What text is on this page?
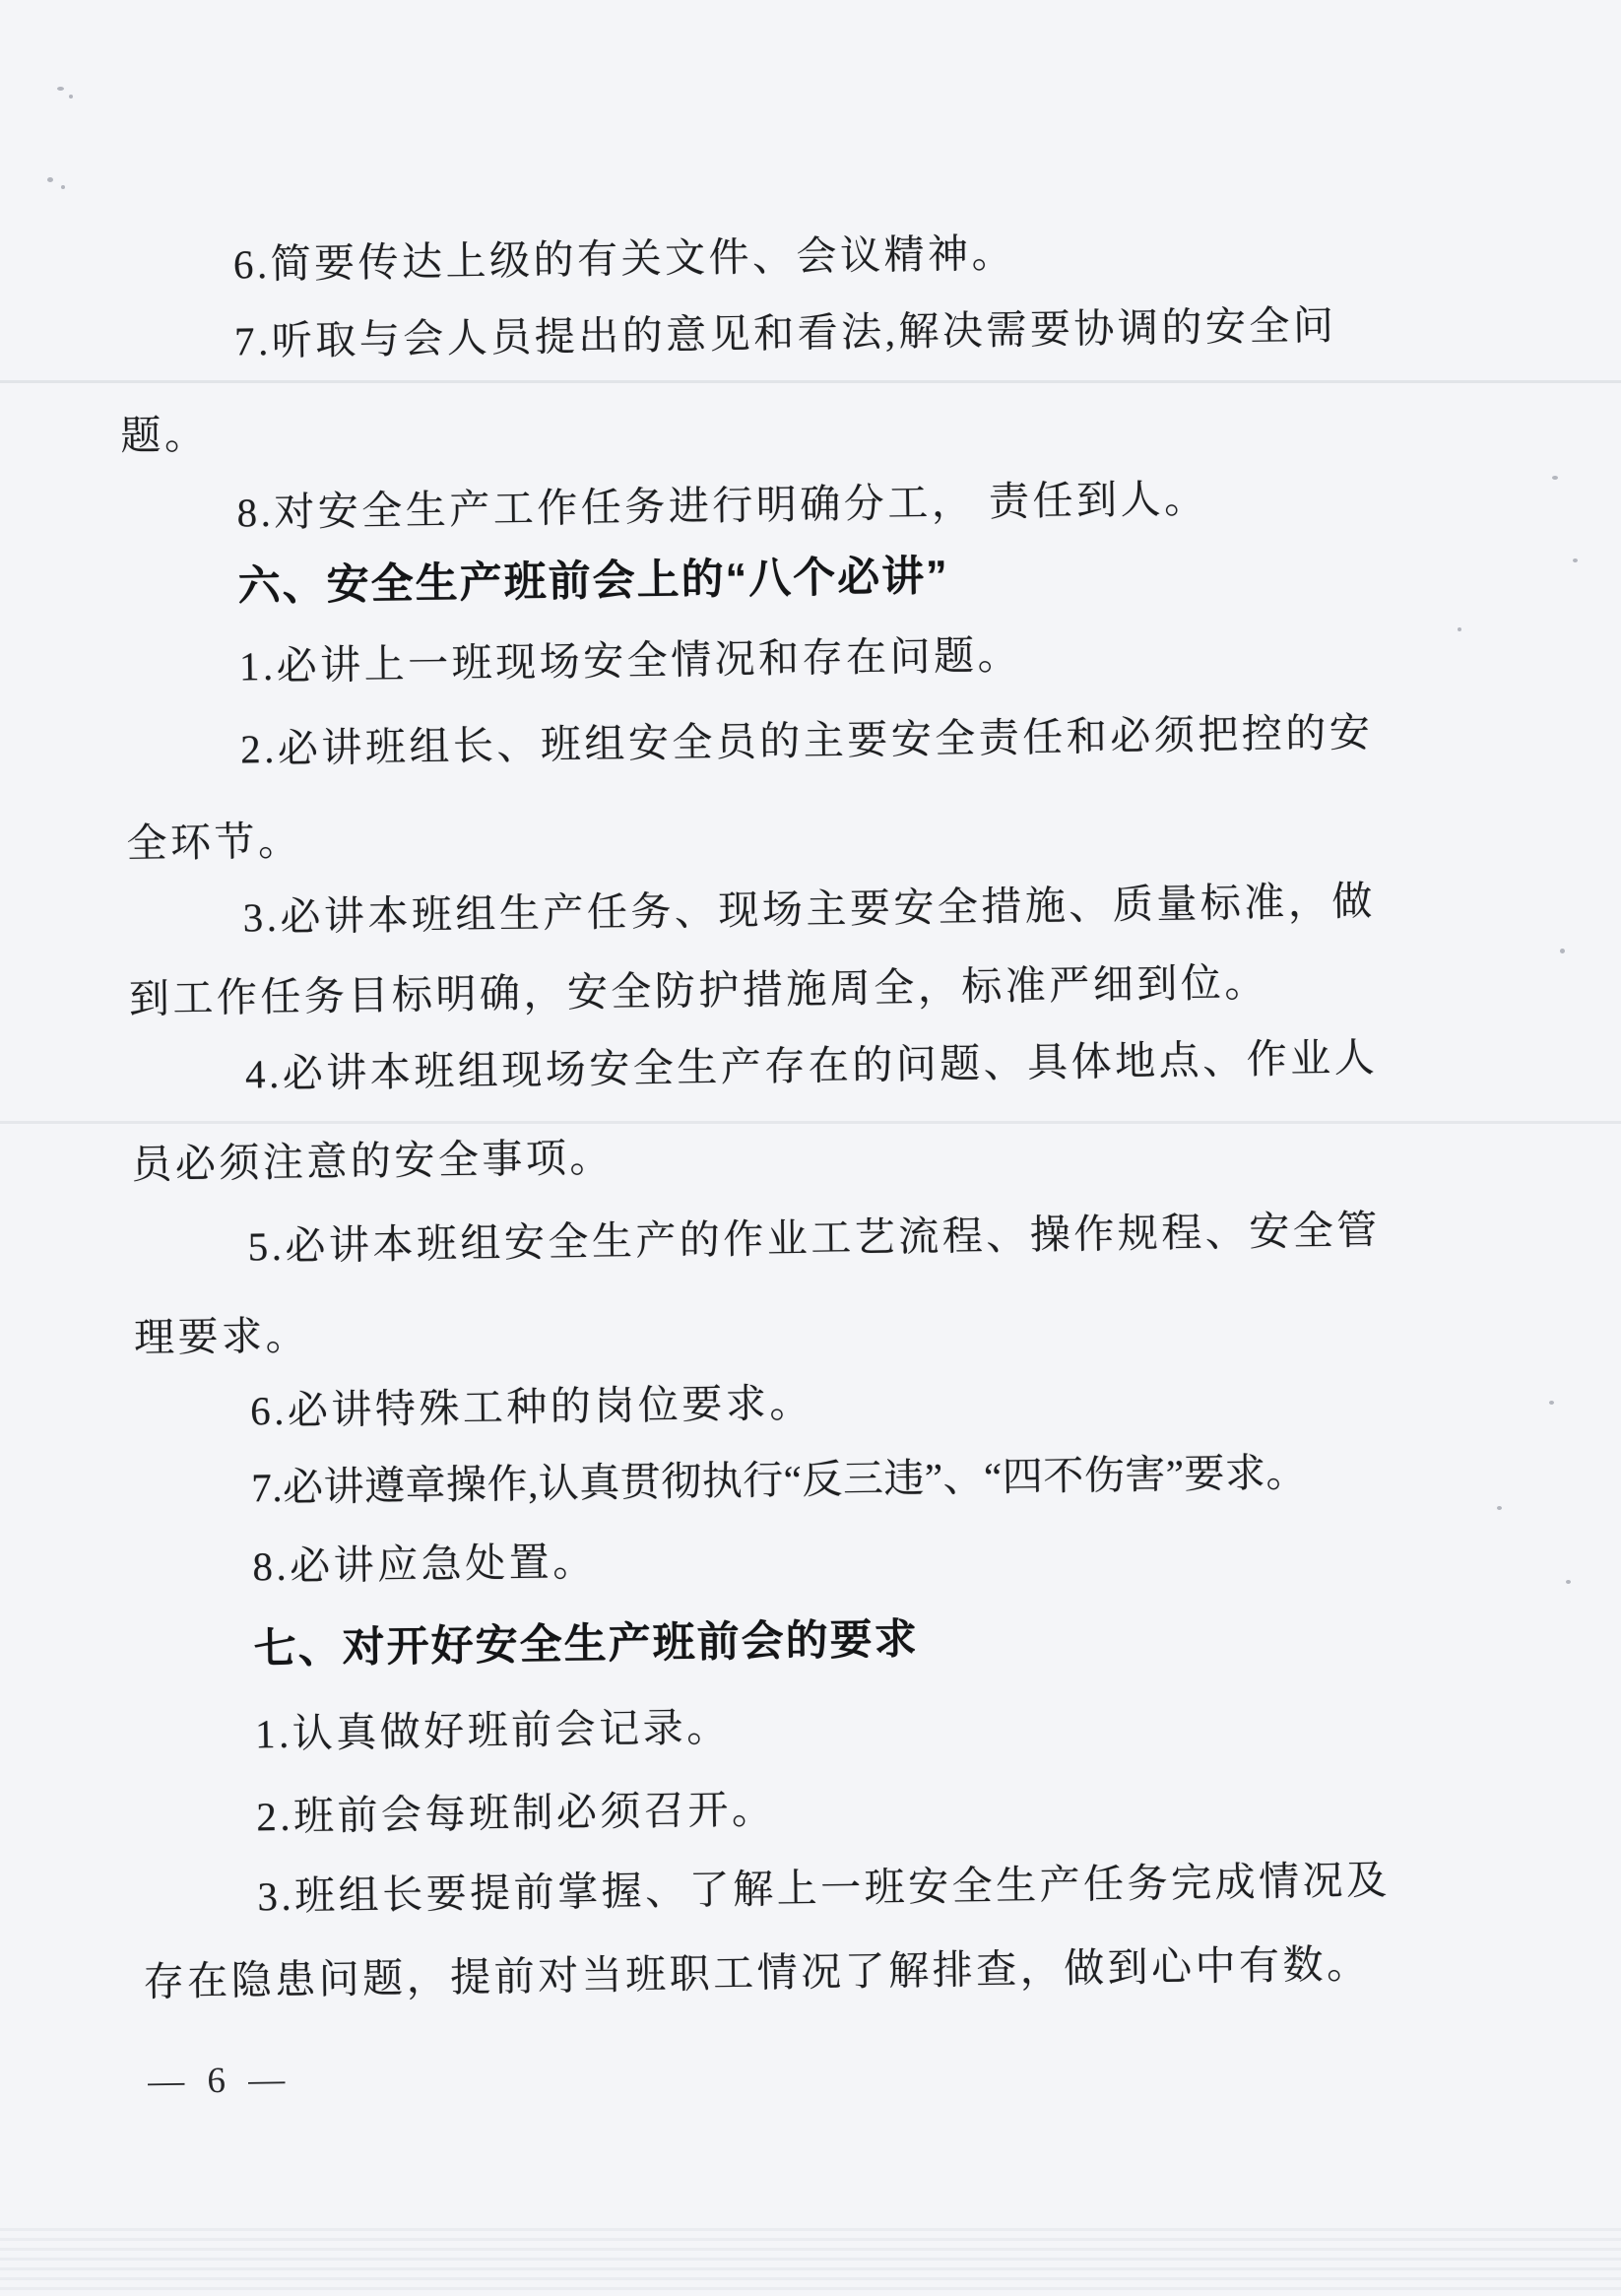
6.简要传达上级的有关文件、会议精神。
7.听取与会人员提出的意见和看法,解决需要协调的安全问
题。
8.对安全生产工作任务进行明确分工， 责任到人。
六、安全生产班前会上的“八个必讲”
1.必讲上一班现场安全情况和存在问题。
2.必讲班组长、班组安全员的主要安全责任和必须把控的安
全环节。
3.必讲本班组生产任务、现场主要安全措施、质量标准，做
到工作任务目标明确，安全防护措施周全，标准严细到位。
4.必讲本班组现场安全生产存在的问题、具体地点、作业人
员必须注意的安全事项。
5.必讲本班组安全生产的作业工艺流程、操作规程、安全管
理要求。
6.必讲特殊工种的岗位要求。
7.必讲遵章操作,认真贯彻执行“反三违”、“四不伤害”要求。
8.必讲应急处置。
七、对开好安全生产班前会的要求
1.认真做好班前会记录。
2.班前会每班制必须召开。
3.班组长要提前掌握、了解上一班安全生产任务完成情况及
存在隐患问题，提前对当班职工情况了解排查，做到心中有数。
— 6 —
